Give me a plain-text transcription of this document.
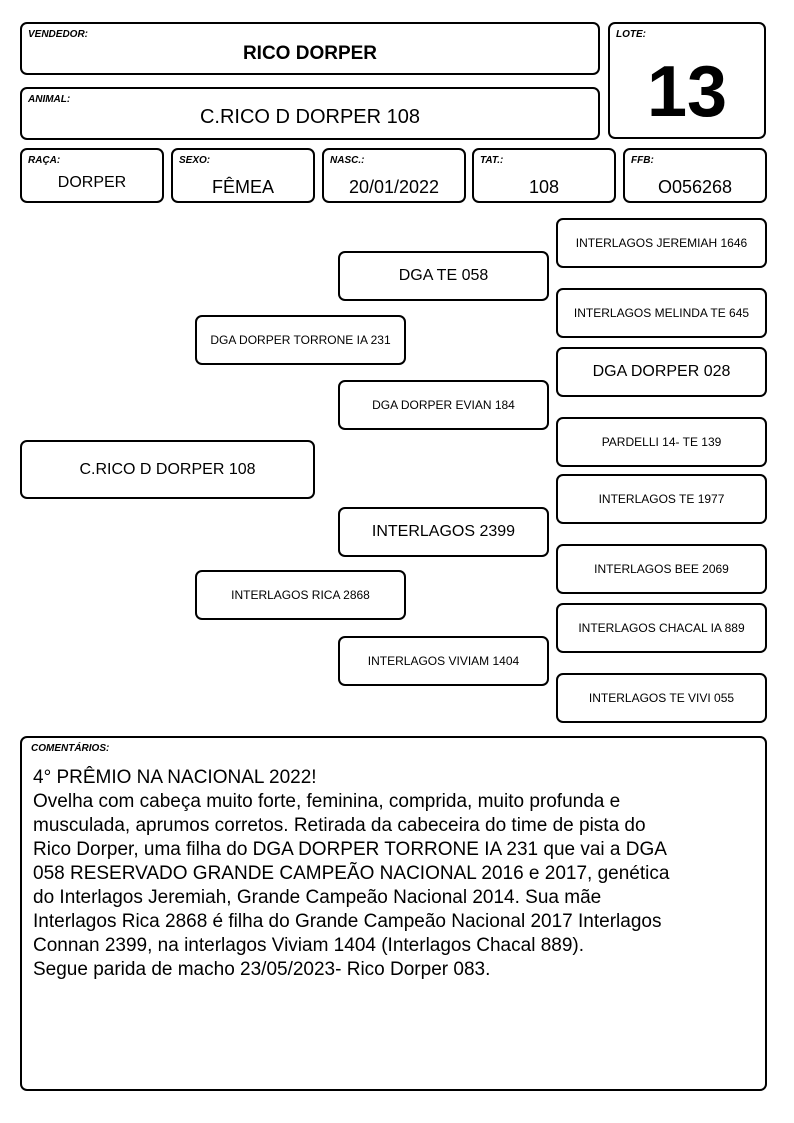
VENDEDOR:
RICO DORPER
LOTE:
13
ANIMAL:
C.RICO D DORPER 108
RAÇA:
DORPER
SEXO:
FÊMEA
NASC.:
20/01/2022
TAT.:
108
FFB:
O056268
C.RICO D DORPER 108
DGA DORPER TORRONE IA 231
INTERLAGOS RICA 2868
DGA TE 058
DGA DORPER EVIAN 184
INTERLAGOS 2399
INTERLAGOS VIVIAM 1404
INTERLAGOS JEREMIAH 1646
INTERLAGOS MELINDA TE 645
DGA DORPER 028
PARDELLI 14- TE 139
INTERLAGOS TE 1977
INTERLAGOS BEE 2069
INTERLAGOS CHACAL IA 889
INTERLAGOS TE VIVI 055
COMENTÁRIOS:
4° PRÊMIO NA NACIONAL 2022!
Ovelha com cabeça muito forte, feminina, comprida, muito profunda e
musculada, aprumos corretos. Retirada da cabeceira do time de pista do
Rico Dorper, uma filha do DGA DORPER TORRONE IA 231 que vai a DGA
058 RESERVADO GRANDE CAMPEÃO NACIONAL 2016 e 2017, genética
do Interlagos Jeremiah, Grande Campeão Nacional 2014. Sua mãe
Interlagos Rica 2868 é filha do Grande Campeão Nacional 2017 Interlagos
Connan 2399, na interlagos Viviam 1404 (Interlagos Chacal 889).
Segue parida de macho 23/05/2023- Rico Dorper 083.
